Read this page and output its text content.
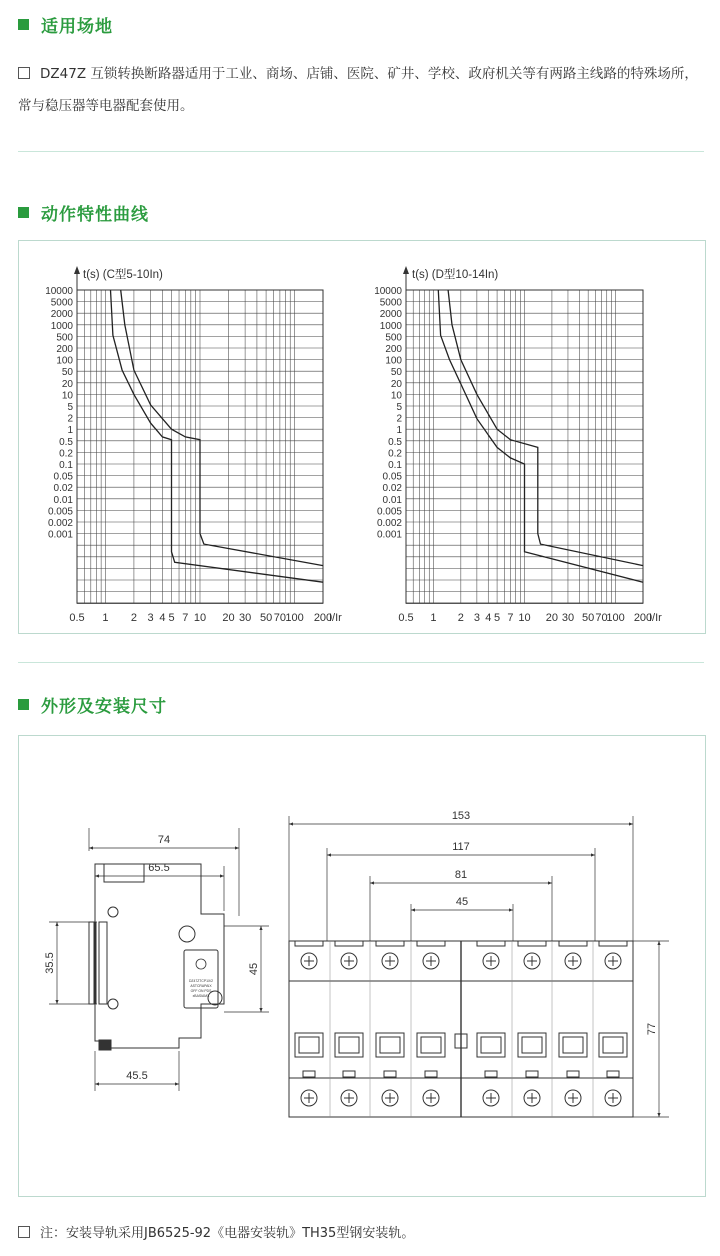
适用场地
DZ47Z 互锁转换断路器适用于工业、商场、店铺、医院、矿井、学校、政府机关等有两路主线路的特殊场所，常与稳压器等电器配套使用。
动作特性曲线
t(s) (C型5-10In)
10000
5000
2000
1000
500
200
100
50
20
10
5
2
1
0.5
0.2
0.1
0.05
0.02
0.01
0.005
0.002
0.001
0.5 1 2 3 4 5 7 10 20 30 50 70 100 200
I/Ir
t(s) (D型10-14In)
10000
5000
2000
1000
500
200
100
50
20
10
5
2
1
0.5
0.2
0.1
0.05
0.02
0.01
0.005
0.002
0.001
0.5 1 2 3 4 5 7 10 20 30 50 70
100 200
I/Ir
外形及安装尺寸
DZ47ZTCP1X/2
ASTCRAPAIX
OFF ON PDS
xBASIAMX
74
65.5
35.5	45
45.5
153
117
81
45
77
注：安装导轨采用JB6525-92《电器安装轨》TH35型钢安装轨。
